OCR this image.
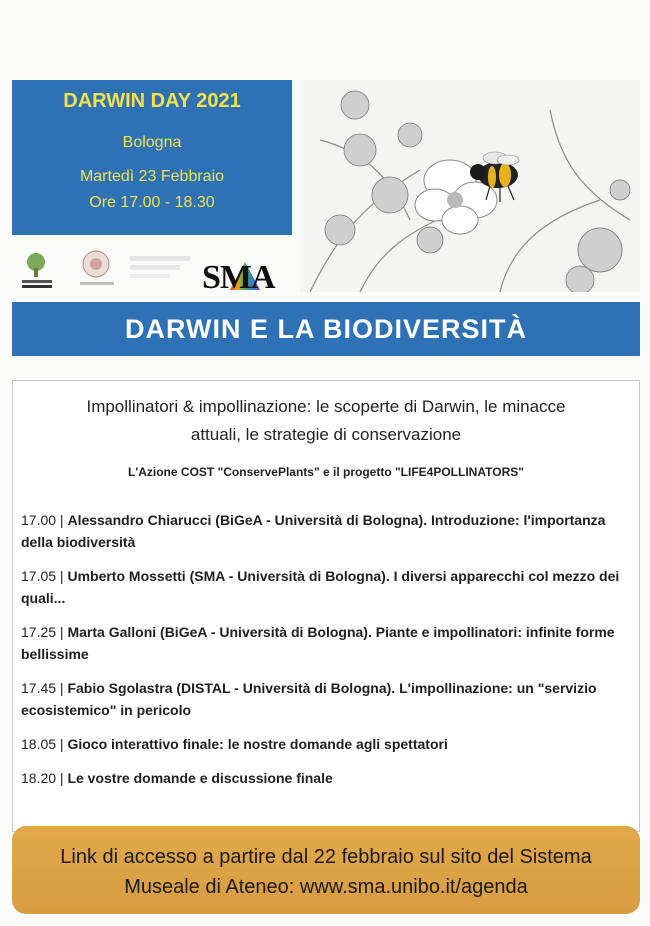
DARWIN DAY 2021
Bologna
Martedì 23 Febbraio
Ore 17.00 - 18.30
SMA
DARWIN E LA BIODIVERSITÀ
Impollinatori & impollinazione: le scoperte di Darwin, le minacce
attuali, le strategie di conservazione
L'Azione COST "ConservePlants" e il progetto "LIFE4POLLINATORS"
17.00 | Alessandro Chiarucci (BiGeA - Università di Bologna). Introduzione: l'importanza della biodiversità
17.05 | Umberto Mossetti (SMA - Università di Bologna). I diversi apparecchi col mezzo dei quali...
17.25 | Marta Galloni (BiGeA - Università di Bologna). Piante e impollinatori: infinite forme bellissime
17.45 | Fabio Sgolastra (DISTAL - Università di Bologna). L'impollinazione: un "servizio ecosistemico" in pericolo
18.05 | Gioco interattivo finale: le nostre domande agli spettatori
18.20 | Le vostre domande e discussione finale
Link di accesso a partire dal 22 febbraio sul sito del Sistema
Museale di Ateneo: www.sma.unibo.it/agenda
